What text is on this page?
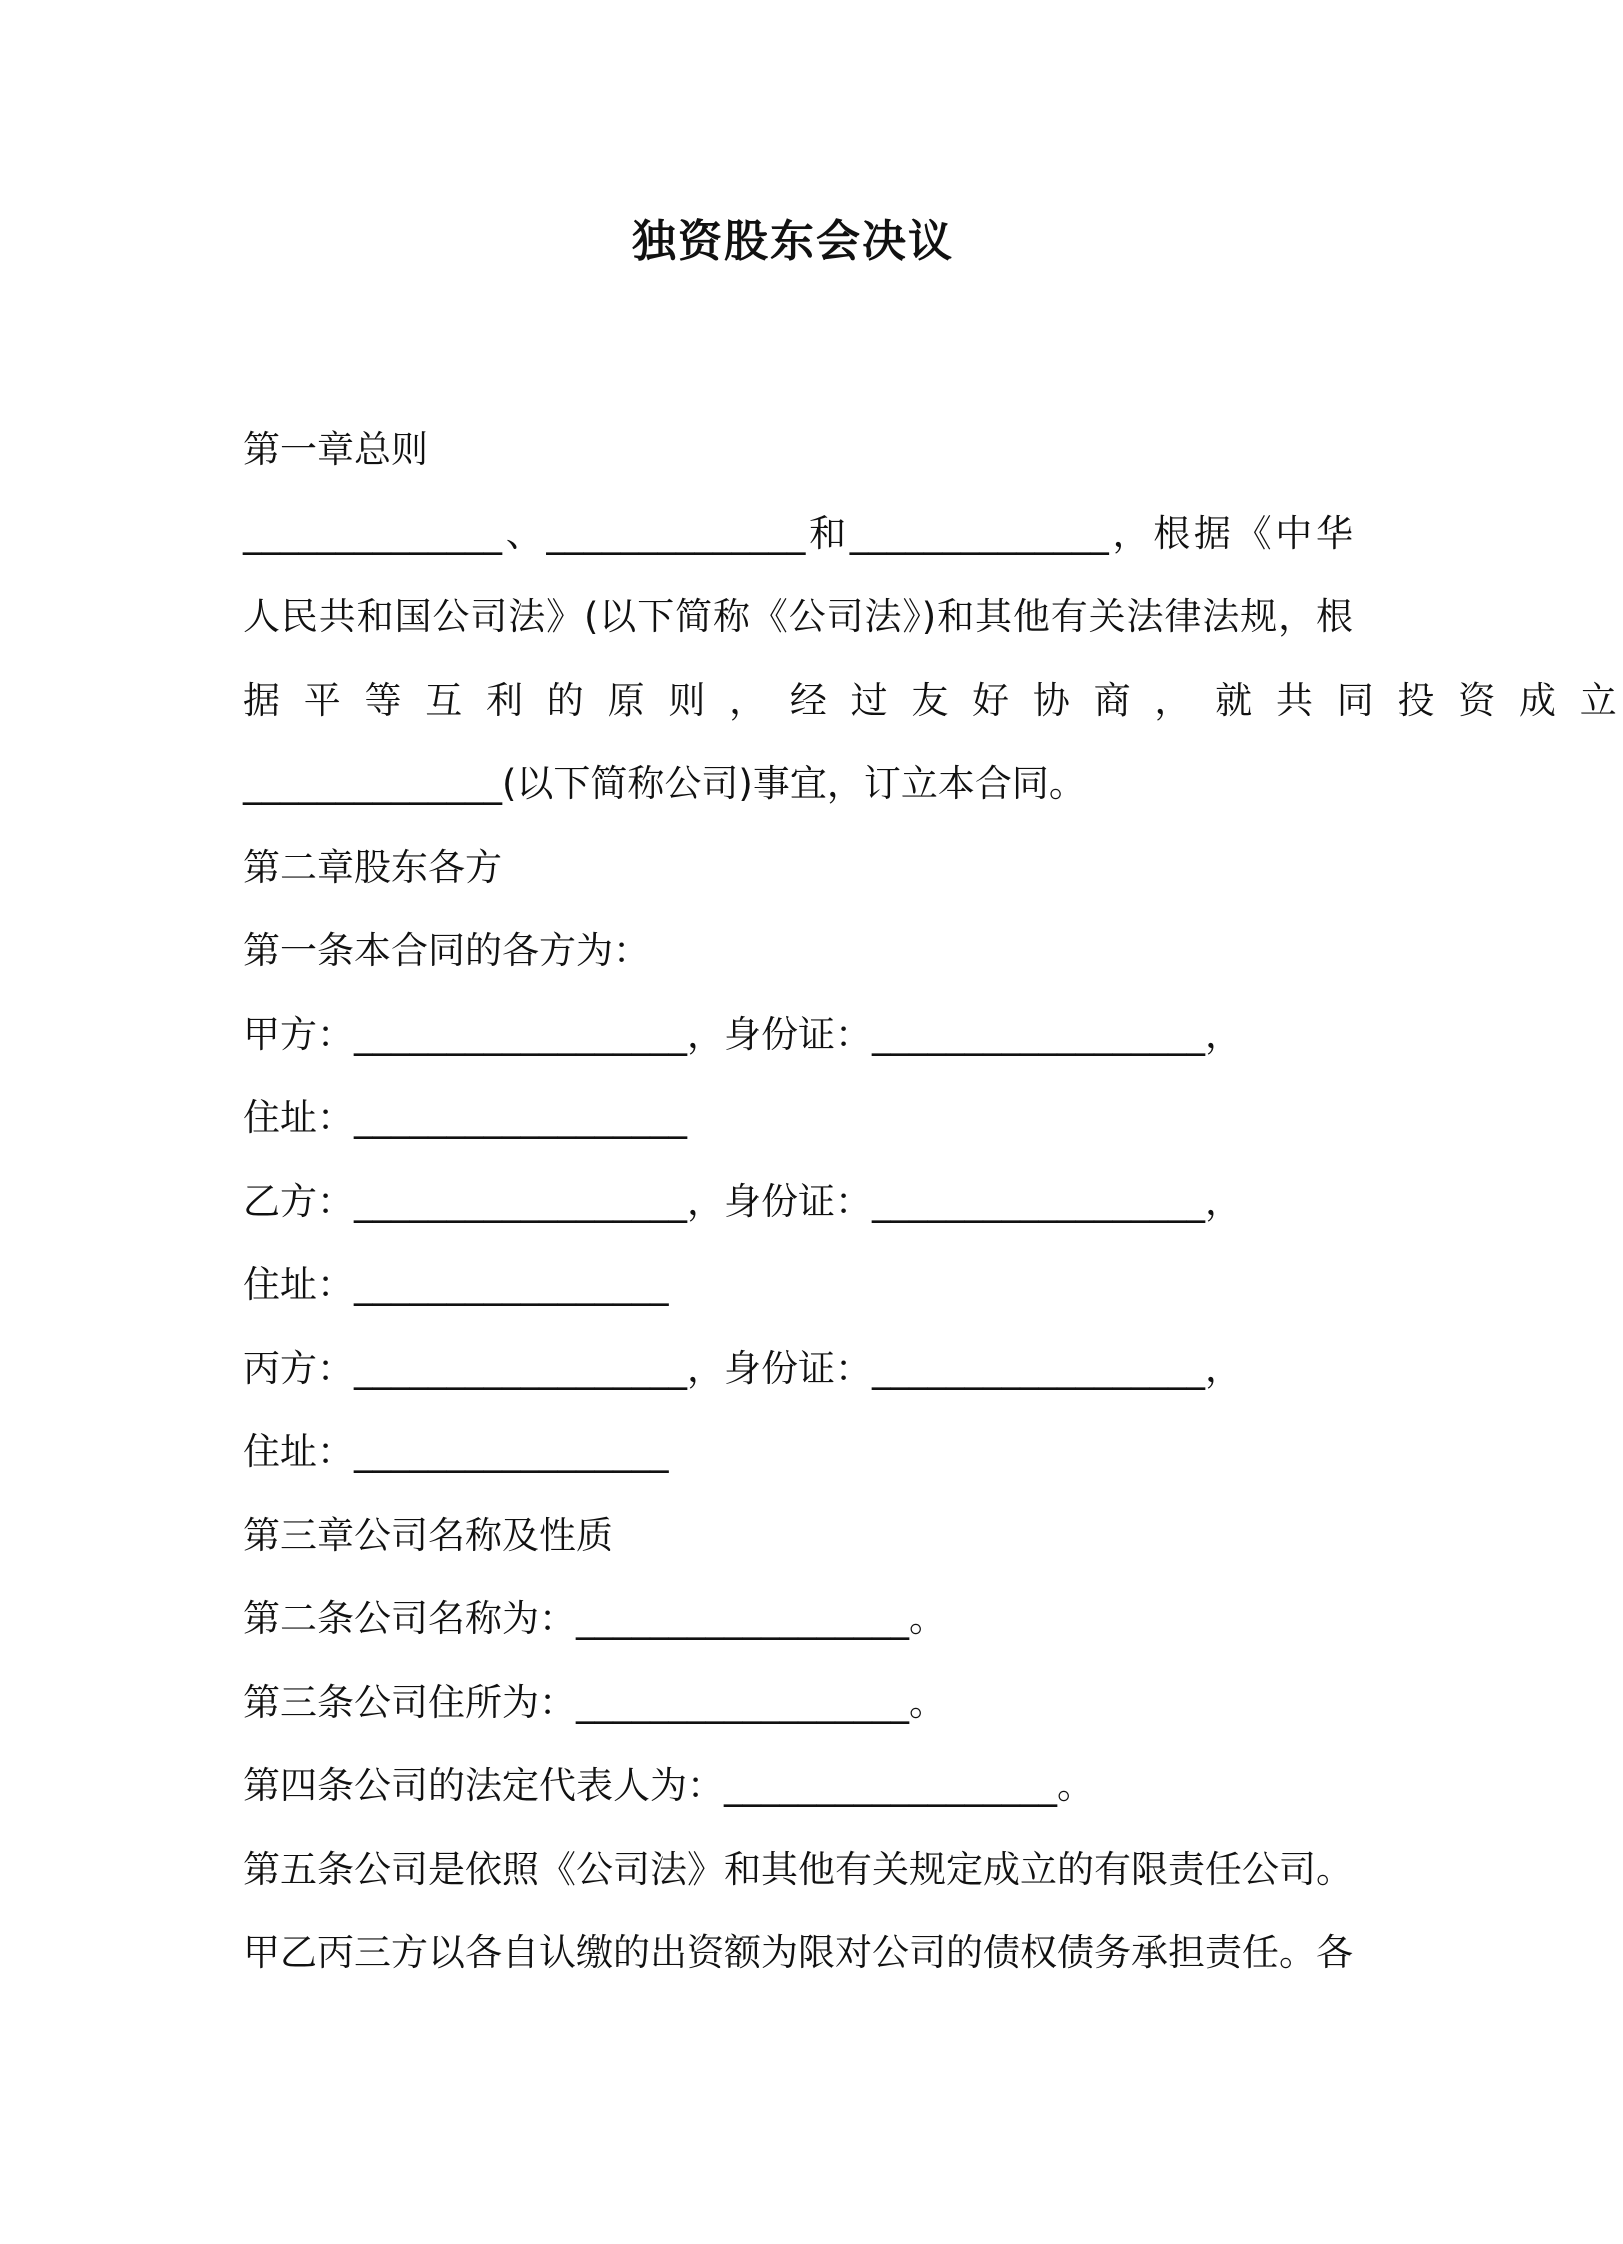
独资股东会决议
第一章总则
______________、______________和______________，根据《中华
人民共和国公司法》(以下简称《公司法》)和其他有关法律法规，根
据 平 等 互 利 的 原 则 ， 经 过 友 好 协 商 ， 就 共 同 投 资 成 立
______________(以下简称公司)事宜，订立本合同。
第二章股东各方
第一条本合同的各方为：
甲方：__________________，身份证：__________________，
住址：__________________
乙方：__________________，身份证：__________________，
住址：_________________
丙方：__________________，身份证：__________________，
住址：_________________
第三章公司名称及性质
第二条公司名称为：__________________。
第三条公司住所为：__________________。
第四条公司的法定代表人为：__________________。
第五条公司是依照《公司法》和其他有关规定成立的有限责任公司。
甲乙丙三方以各自认缴的出资额为限对公司的债权债务承担责任。各
